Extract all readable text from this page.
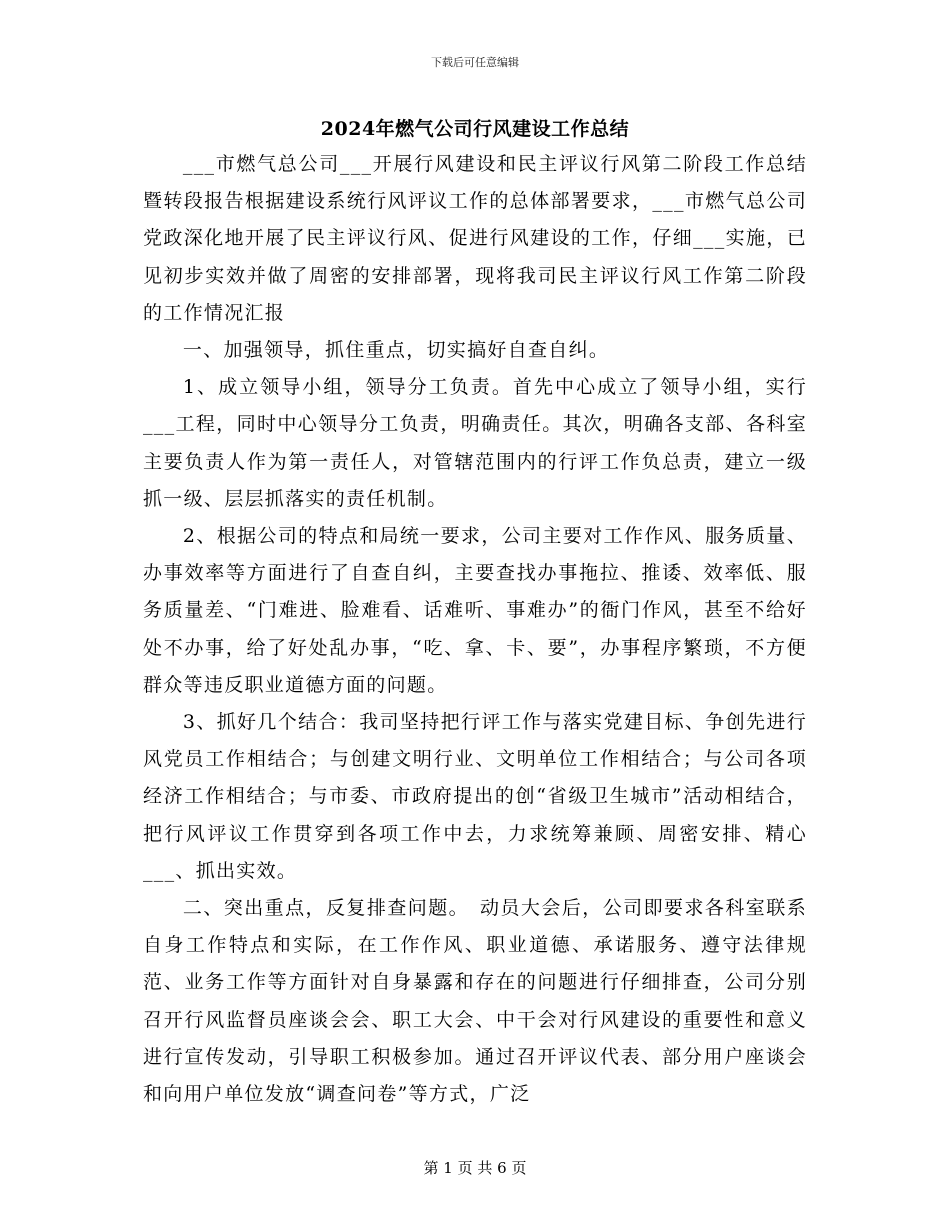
下载后可任意编辑
2024年燃气公司行风建设工作总结

___市燃气总公司___开展行风建设和民主评议行风第二阶段工作总结暨转段报告根据建设系统行风评议工作的总体部署要求，___市燃气总公司党政深化地开展了民主评议行风、促进行风建设的工作，仔细___实施，已见初步实效并做了周密的安排部署，现将我司民主评议行风工作第二阶段的工作情况汇报

一、加强领导，抓住重点，切实搞好自查自纠。

1、成立领导小组，领导分工负责。首先中心成立了领导小组，实行___工程，同时中心领导分工负责，明确责任。其次，明确各支部、各科室主要负责人作为第一责任人，对管辖范围内的行评工作负总责，建立一级抓一级、层层抓落实的责任机制。

2、根据公司的特点和局统一要求，公司主要对工作作风、服务质量、办事效率等方面进行了自查自纠，主要查找办事拖拉、推诿、效率低、服务质量差、“门难进、脸难看、话难听、事难办”的衙门作风，甚至不给好处不办事，给了好处乱办事，“吃、拿、卡、要”，办事程序繁琐，不方便群众等违反职业道德方面的问题。

3、抓好几个结合：我司坚持把行评工作与落实党建目标、争创先进行风党员工作相结合；与创建文明行业、文明单位工作相结合；与公司各项经济工作相结合；与市委、市政府提出的创“省级卫生城市”活动相结合，把行风评议工作贯穿到各项工作中去，力求统筹兼顾、周密安排、精心___、抓出实效。

二、突出重点，反复排查问题。　动员大会后，公司即要求各科室联系自身工作特点和实际，在工作作风、职业道德、承诺服务、遵守法律规范、业务工作等方面针对自身暴露和存在的问题进行仔细排查，公司分别召开行风监督员座谈会会、职工大会、中干会对行风建设的重要性和意义进行宣传发动，引导职工积极参加。通过召开评议代表、部分用户座谈会和向用户单位发放“调查问卷”等方式，广泛

第 1 页 共 6 页
